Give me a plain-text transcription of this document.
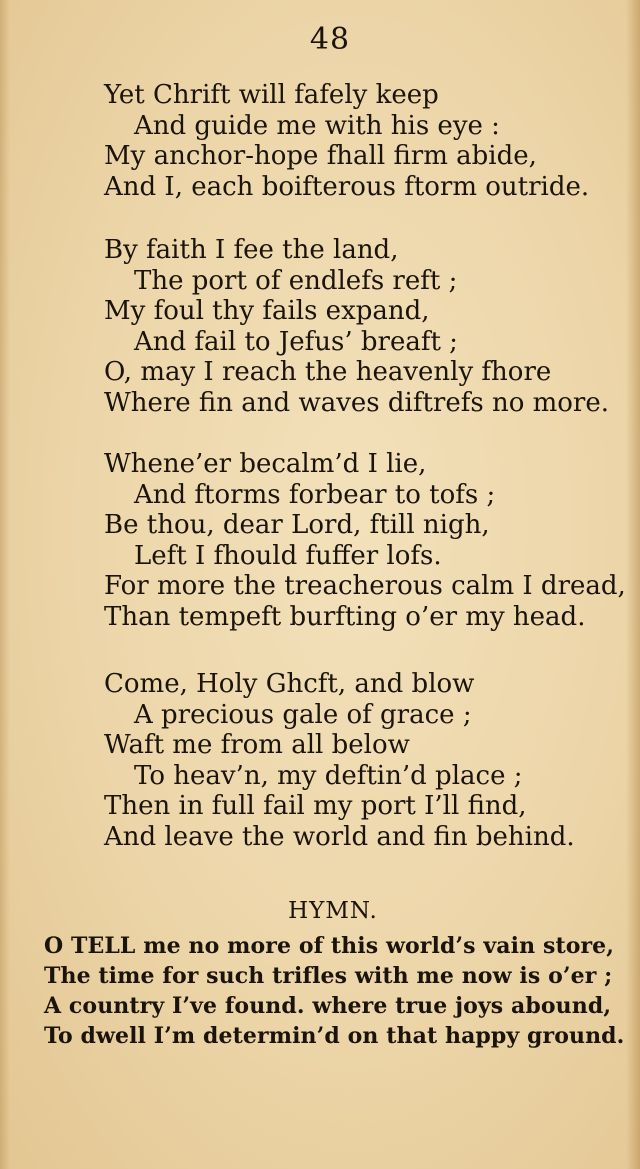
48
Yet Chrift will fafely keep
And guide me with his eye :
My anchor-hope fhall firm abide,
And I, each boifterous ftorm outride.
By faith I fee the land,
The port of endlefs reft ;
My foul thy fails expand,
And fail to Jefus’ breaft ;
O, may I reach the heavenly fhore
Where fin and waves diftrefs no more.
Whene’er becalm’d I lie,
And ftorms forbear to tofs ;
Be thou, dear Lord, ftill nigh,
Left I fhould fuffer lofs.
For more the treacherous calm I dread,
Than tempeft burfting o’er my head.
Come, Holy Ghcft, and blow
A precious gale of grace ;
Waft me from all below
To heav’n, my deftin’d place ;
Then in full fail my port I’ll find,
And leave the world and fin behind.
HYMN.
O TELL me no more of this world’s vain store,
The time for such trifles with me now is o’er ;
A country I’ve found. where true joys abound,
To dwell I’m determin’d on that happy ground.
